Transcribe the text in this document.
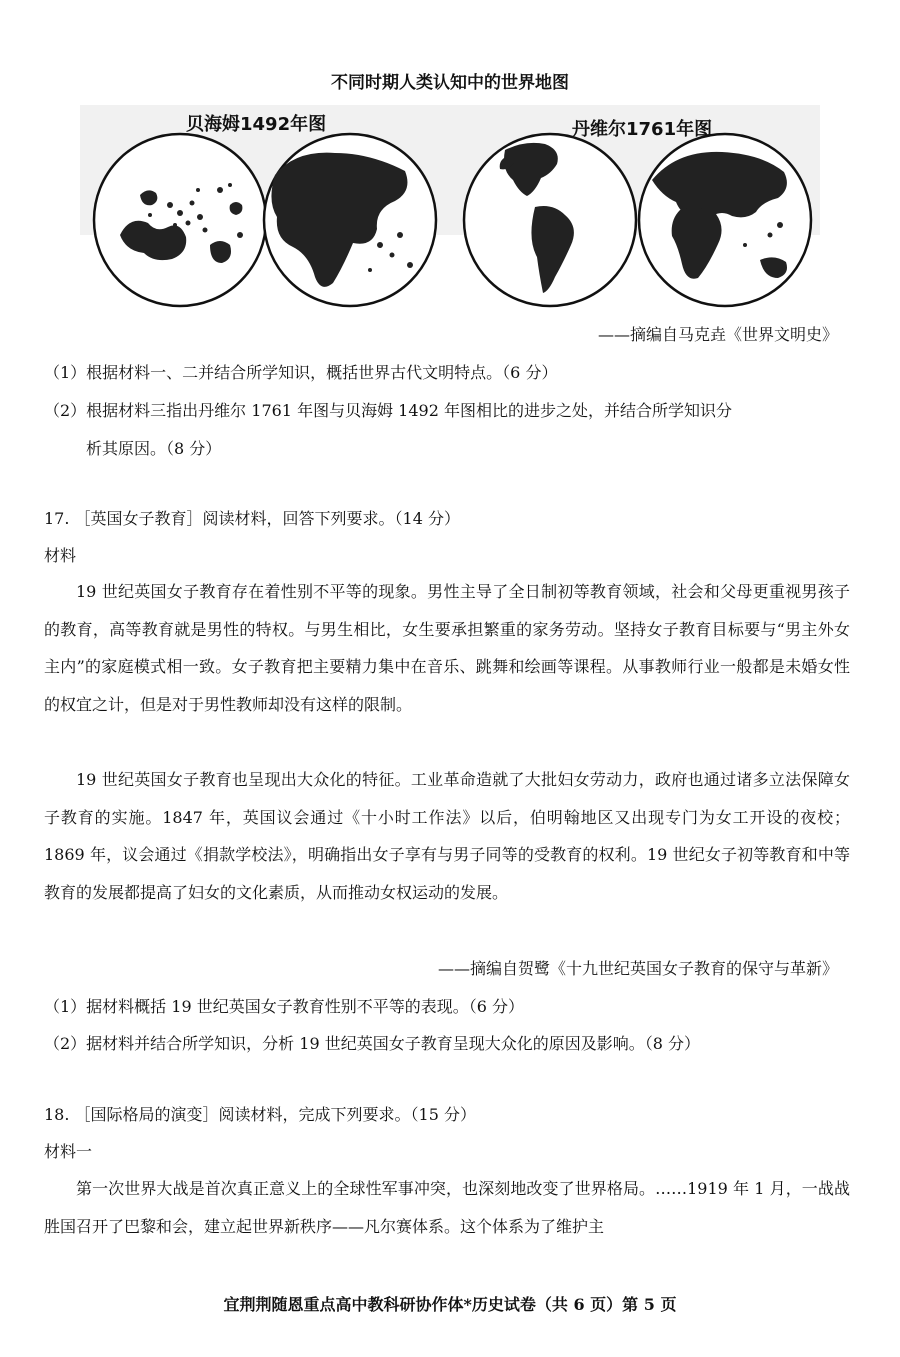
不同时期人类认知中的世界地图
贝海姆1492年图	丹维尔1761年图
——摘编自马克垚《世界文明史》
（1）根据材料一、二并结合所学知识，概括世界古代文明特点。（6 分）
（2）根据材料三指出丹维尔 1761 年图与贝海姆 1492 年图相比的进步之处，并结合所学知识分
析其原因。（8 分）
17. ［英国女子教育］阅读材料，回答下列要求。（14 分）
材料

19 世纪英国女子教育存在着性别不平等的现象。男性主导了全日制初等教育领域，社会和父母更重视男孩子的教育，高等教育就是男性的特权。与男生相比，女生要承担繁重的家务劳动。坚持女子教育目标要与“男主外女主内”的家庭模式相一致。女子教育把主要精力集中在音乐、跳舞和绘画等课程。从事教师行业一般都是未婚女性的权宜之计，但是对于男性教师却没有这样的限制。

19 世纪英国女子教育也呈现出大众化的特征。工业革命造就了大批妇女劳动力，政府也通过诸多立法保障女子教育的实施。1847 年，英国议会通过《十小时工作法》以后，伯明翰地区又出现专门为女工开设的夜校；1869 年，议会通过《捐款学校法》，明确指出女子享有与男子同等的受教育的权利。19 世纪女子初等教育和中等教育的发展都提高了妇女的文化素质，从而推动女权运动的发展。

——摘编自贺鹭《十九世纪英国女子教育的保守与革新》
（1）据材料概括 19 世纪英国女子教育性别不平等的表现。（6 分）
（2）据材料并结合所学知识，分析 19 世纪英国女子教育呈现大众化的原因及影响。（8 分）
18. ［国际格局的演变］阅读材料，完成下列要求。（15 分）
材料一

第一次世界大战是首次真正意义上的全球性军事冲突，也深刻地改变了世界格局。……1919 年 1 月，一战战胜国召开了巴黎和会，建立起世界新秩序——凡尔赛体系。这个体系为了维护主

宜荆荆随恩重点高中教科研协作体*历史试卷（共 6 页）第 5 页
